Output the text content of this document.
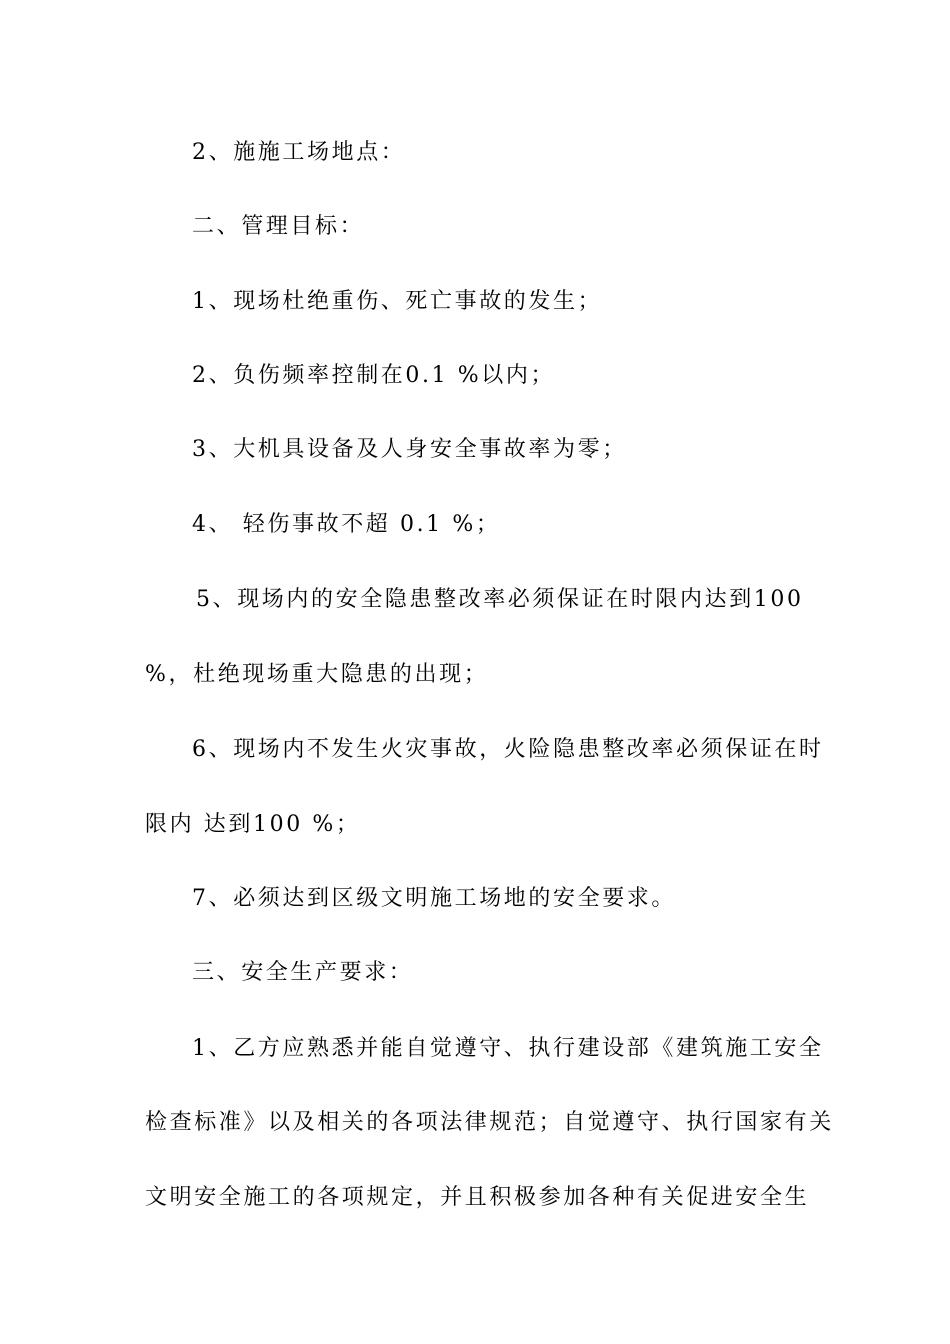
2、施施工场地点：
二、管理目标：
1、现场杜绝重伤、死亡事故的发生；
2、负伤频率控制在0.1 %以内；
3、大机具设备及人身安全事故率为零；
4、 轻伤事故不超 0.1 %；
5、现场内的安全隐患整改率必须保证在时限内达到100
%，杜绝现场重大隐患的出现；
6、现场内不发生火灾事故，火险隐患整改率必须保证在时
限内 达到100 %；
7、必须达到区级文明施工场地的安全要求。
三、安全生产要求：
1、乙方应熟悉并能自觉遵守、执行建设部《建筑施工安全
检查标准》以及相关的各项法律规范；自觉遵守、执行国家有关
文明安全施工的各项规定，并且积极参加各种有关促进安全生
